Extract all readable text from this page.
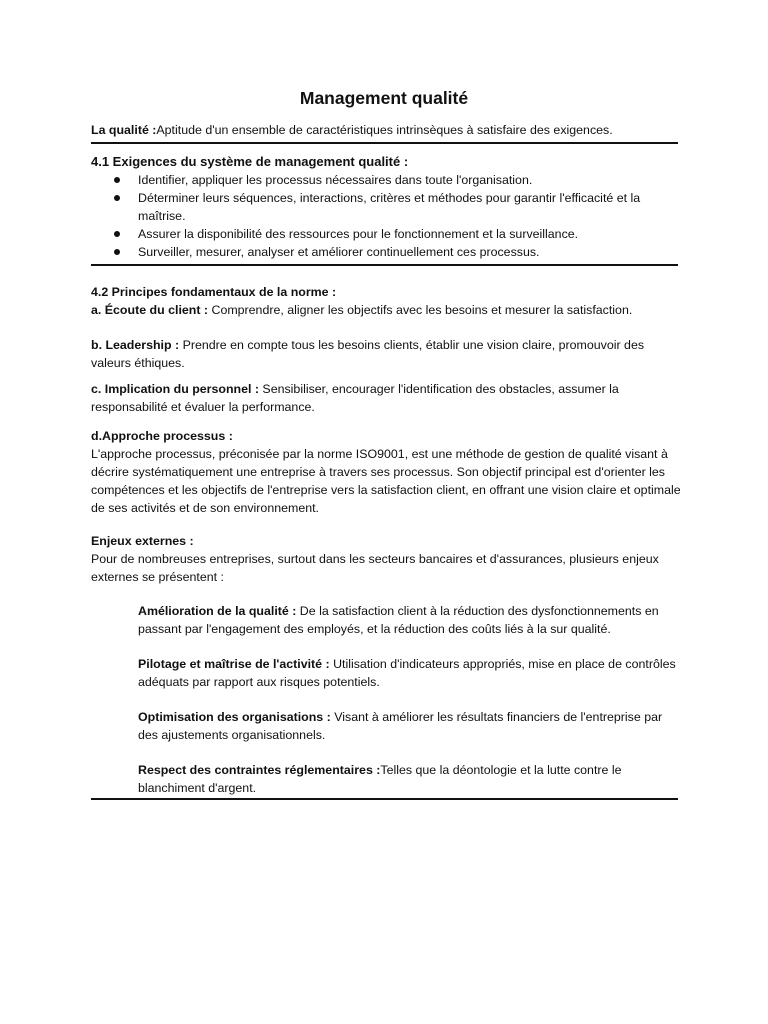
Management qualité
La qualité :Aptitude d'un ensemble de caractéristiques intrinsèques à satisfaire des exigences.
4.1 Exigences du système de management qualité :
Identifier, appliquer les processus nécessaires dans toute l'organisation.
Déterminer leurs séquences, interactions, critères et méthodes pour garantir l'efficacité et la maîtrise.
Assurer la disponibilité des ressources pour le fonctionnement et la surveillance.
Surveiller, mesurer, analyser et améliorer continuellement ces processus.
4.2 Principes fondamentaux de la norme :

a. Écoute du client : Comprendre, aligner les objectifs avec les besoins et mesurer la satisfaction.

b. Leadership : Prendre en compte tous les besoins clients, établir une vision claire, promouvoir des valeurs éthiques.
c. Implication du personnel : Sensibiliser, encourager l'identification des obstacles, assumer la responsabilité et évaluer la performance.
d.Approche processus :
L'approche processus, préconisée par la norme ISO9001, est une méthode de gestion de qualité visant à décrire systématiquement une entreprise à travers ses processus. Son objectif principal est d'orienter les compétences et les objectifs de l'entreprise vers la satisfaction client, en offrant une vision claire et optimale de ses activités et de son environnement.
Enjeux externes :
Pour de nombreuses entreprises, surtout dans les secteurs bancaires et d'assurances, plusieurs enjeux externes se présentent :
Amélioration de la qualité : De la satisfaction client à la réduction des dysfonctionnements en passant par l'engagement des employés, et la réduction des coûts liés à la sur qualité.
Pilotage et maîtrise de l'activité : Utilisation d'indicateurs appropriés, mise en place de contrôles adéquats par rapport aux risques potentiels.
Optimisation des organisations : Visant à améliorer les résultats financiers de l'entreprise par des ajustements organisationnels.
Respect des contraintes réglementaires :Telles que la déontologie et la lutte contre le blanchiment d'argent.
